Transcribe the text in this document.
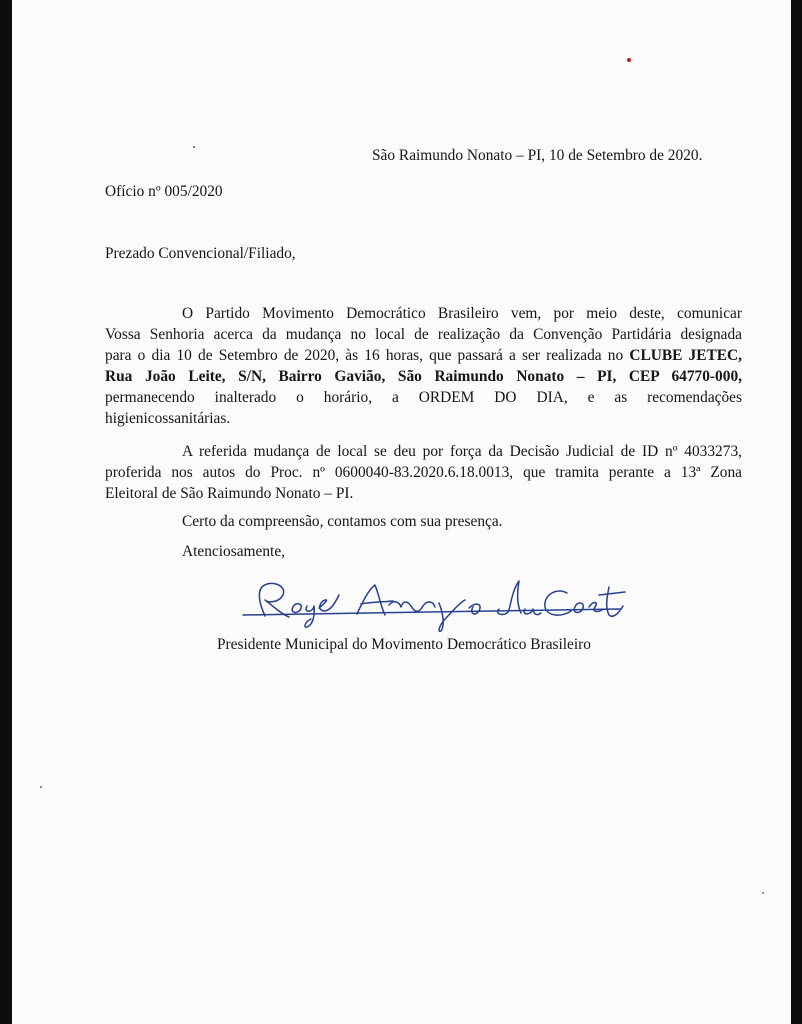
São Raimundo Nonato – PI, 10 de Setembro de 2020.

Ofício nº 005/2020

Prezado Convencional/Filiado,

O Partido Movimento Democrático Brasileiro vem, por meio deste, comunicar

Vossa Senhoria acerca da mudança no local de realização da Convenção Partidária designada

para o dia 10 de Setembro de 2020, às 16 horas, que passará a ser realizada no CLUBE JETEC,

Rua João Leite, S/N, Bairro Gavião, São Raimundo Nonato – PI, CEP 64770-000,

permanecendo inalterado o horário, a ORDEM DO DIA, e as recomendações

higienicossanitárias.

A referida mudança de local se deu por força da Decisão Judicial de ID nº 4033273,

proferida nos autos do Proc. nº 0600040-83.2020.6.18.0013, que tramita perante a 13ª Zona

Eleitoral de São Raimundo Nonato – PI.

Certo da compreensão, contamos com sua presença.

Atenciosamente,

Presidente Municipal do Movimento Democrático Brasileiro
